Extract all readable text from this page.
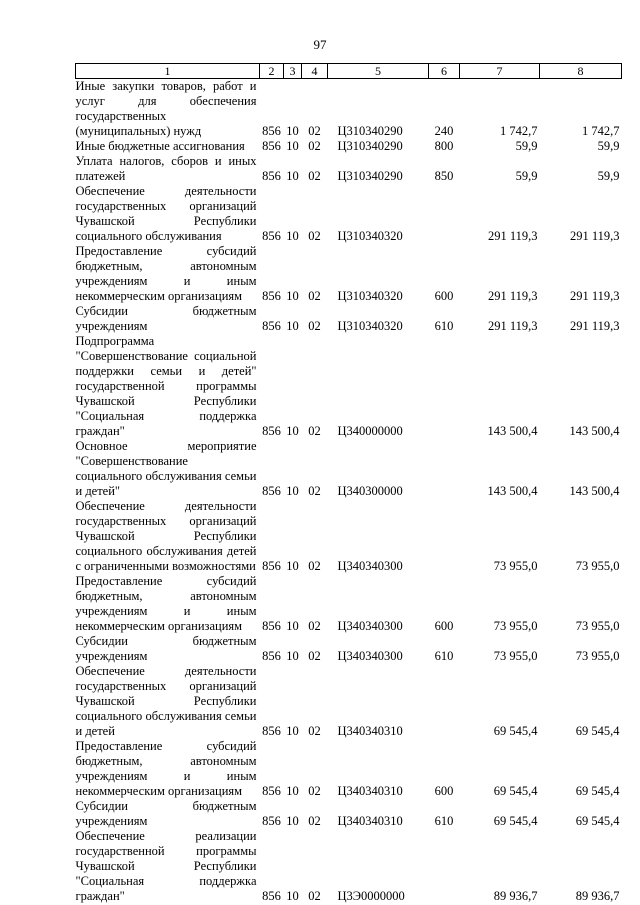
97
1	2	3	4	5	6	7	8
Иные закупки товаров, работ и услуг для обеспечения государственных (муниципальных) нужд	856	10	02	Ц310340290	240	1 742,7	1 742,7
Иные бюджетные ассигнования	856	10	02	Ц310340290	800	59,9	59,9
Уплата налогов, сборов и иных платежей	856	10	02	Ц310340290	850	59,9	59,9
Обеспечение деятельности государственных организаций Чувашской Республики социального обслуживания	856	10	02	Ц310340320		291 119,3	291 119,3
Предоставление субсидий бюджетным, автономным учреждениям и иным некоммерческим организациям	856	10	02	Ц310340320	600	291 119,3	291 119,3
Субсидии бюджетным учреждениям	856	10	02	Ц310340320	610	291 119,3	291 119,3
Подпрограмма "Совершенствование социальной поддержки семьи и детей" государственной программы Чувашской Республики "Социальная поддержка граждан"	856	10	02	Ц340000000		143 500,4	143 500,4
Основное мероприятие "Совершенствование социального обслуживания семьи и детей"	856	10	02	Ц340300000		143 500,4	143 500,4
Обеспечение деятельности государственных организаций Чувашской Республики социального обслуживания детей с ограниченными возможностями	856	10	02	Ц340340300		73 955,0	73 955,0
Предоставление субсидий бюджетным, автономным учреждениям и иным некоммерческим организациям	856	10	02	Ц340340300	600	73 955,0	73 955,0
Субсидии бюджетным учреждениям	856	10	02	Ц340340300	610	73 955,0	73 955,0
Обеспечение деятельности государственных организаций Чувашской Республики социального обслуживания семьи и детей	856	10	02	Ц340340310		69 545,4	69 545,4
Предоставление субсидий бюджетным, автономным учреждениям и иным некоммерческим организациям	856	10	02	Ц340340310	600	69 545,4	69 545,4
Субсидии бюджетным учреждениям	856	10	02	Ц340340310	610	69 545,4	69 545,4
Обеспечение реализации государственной программы Чувашской Республики "Социальная поддержка граждан"	856	10	02	Ц3Э0000000		89 936,7	89 936,7
